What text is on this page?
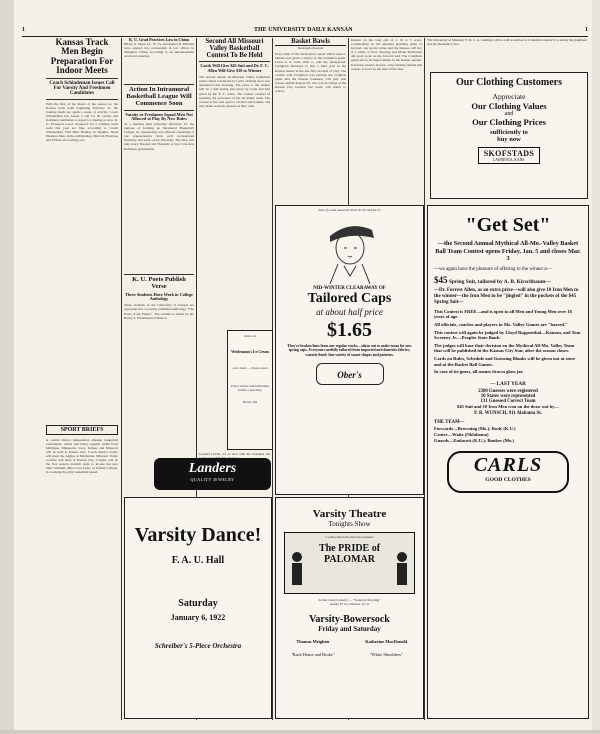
1	THE UNIVERSITY DAILY KANSAN	1
Kansas Track Men Begin Preparation For Indoor Meets
Coach Schlademan Issues Call For Varsity And Freshmen Candidates
With the first of the meets of the season for the Kansas track team beginning February 11, the training sheds are again a scene of activity. Coach Schlademan has issued a call for all varsity and freshmen candidates to report for training at once. K. U. Prospects Good. Prospects for a winning track team this year are fine, according to Coach Schlademan. Will Miss Bradley in Weights. Need Distance Men. In the 440 Rodkey, McCall, Firestone and Wilson are working out.
SPORT BRIEFS
A central district independent amateur basketball tournament, which will bring together teams from Michigan, Minnesota, Iowa, Kansas and Missouri will be held at Kansas City. Coach Allen's varsity will meet the Aggies at Manhattan. Missouri Valley coaches will meet at Kansas City. Colgate will be the first eastern football team to invade the new Ohio Stadium. Miss Cora Lynn, of Tonkin College, is coaching the girls' basketball squad.
K. U. Grad Practices Law in China
Hilary A. Mass, LL. B '15, and Robert R. Holland have entered into partnership in law offices in Shanghai, China, according to an announcement received yesterday.
Action In Intramural Basketball League Will Commence Soon
Varsity or Freshmen Squad Men Not Allowed to Play By New Rules
At a meeting held yesterday afternoon for the purpose of forming an Intramural Basketball League, an organization was effected consisting of one representative from each professional fraternity and each social fraternity. The men will play every Tuesday and Thursday at four o'clock in Robinson gymnasium.
K. U. Poets Publish Verse
Three Students Have Work in College Anthology
Three students of the University of Kansas are represented in a recently published anthology, "The Poets of the Future". The volume is edited by Dr. Henry T. Schnittkind of Boston.
Second All Missouri Valley Basketball Contest To Be Held
Cards Will Give $45 Suit and Dr. F. C. Allen Will Give $10 to Winner
The second annual all-Missouri Valley basketball team contest conducted by Carl's clothing store was announced this morning. The prize to the winner will be a $45 spring suit given by Carls and $10 given by Dr. F. C. Allen. The contest consists of guessing the personnel of the all-Valley team. The contest is free and open to all men and women, and may make as many guesses as they wish.
Insist on
Wiedemann's Ice Cream
once tried — always used
Fancy bricks and individual molds a specialty
Phone 182
Garland Liddle, 25, is now with the Standard Oil
Basket Bawls
DeAngelo Pearson
Every man of the hardwarrior squad which went to Omaha was given a chance in the Creighton game. Leave it to John Wulf to pull the unexpected. Creighton managed to slip a field goal in the Kansas basket in the last fifty seconds of play. The contest with Creighton was perhaps the roughest game that the Kansas basketers will play this season. Arthur Rogers '20, who was in charge of the Kansas City hospital last week, will return to school.
Kansas on the long end of a 19 to 5 score. Commenting on the splendid guarding game of Konrad, one sports writer said the Kansas cuff boy is a whale at floor. Boering and Mann McDonald did good work on the forward end. The Creighton game shows an improvement in the Kansas quintet. If Kansas doesn't develop a big winning quintet this season, it won't be the fault of the fans.
The University of Missouri Y. M. C. A. building will be sold at auction in Columbia January 9 to satisfy the judgment and the mechanics' lien.
Our Clothing Customers
Appreciate
Our Clothing Values
and
Our Clothing Prices
sufficiently to
buy now
SKOFSTADS
LAWRENCE, KANS.
Sale of collar attached shirts $1.95 and $2.25
NID-WINTER CLEARAWAY OF
Tailored Caps
at about half price
$1.65
They're broken lines from our regular stocks—taken out to make room for new spring caps. Everyone carefully tailored from imported and domestic fabrics; warmly lined; fine variety of smart shapes and patterns.
Ober's
Landers
QUALITY JEWELRY
Varsity Dance!
F. A. U. Hall
Saturday
January 6, 1922
Schreiber's 5-Piece Orchestra
Varsity Theatre
Tonights Show
Cosmopolitan Productions presents
The PRIDE of PALOMAR
In Our Gang Comedy — "Saturday Morning"
Adults 35 cts Children 10 cts
Varsity-Bowersock
Friday and Saturday
Thomas Meighan
"Back Home and Broke"
Katherine MacDonald
"White Shoulders"
"Get Set"
—the Second Annual Mythical All-Mo.-Valley Basket Ball Team Contest opens Friday, Jan. 5 and closes Mar. 3
—we again have the pleasure of offering to the winner a—
$45 Spring Suit, tailored by A. B. Kirschbaum—
—Dr. Forrest Allen, as an extra prize—will also give 10 Iron Men to the winner—the Iron Men to be "jingled" in the pockets of the $45 Spring Suit—
This Contest is FREE—and is open to all Men and Young Men over 16 years of age.
All officials, coaches and players in Mo. Valley Games are "barred."
This contest will again be judged by Lloyd Ruppenthal—Kansan, and Tom Sweeney Jr.—Peoples State Bank.
The judges will base their decision on the Mythical All-Mo. Valley Team that will be published in the Kansas City Star, after the season closes.
Cards on Rules, Schedule and Guessing Blanks will be given out at store and at the Basket Ball Games.
In case of tie guess, all names drawn glass jar.
— LAST YEAR
2300 Guesses were registered
10 States were represented
131 Guessed Correct Team
$45 Suit and 10 Iron Men won on the draw out by—
P. R. WUNSCH, 911 Alabama St.
THE TEAM—
Forwards—Browning (Mo.); Rody (K.U.)
Center—Waite (Oklahoma)
Guards—Endacott (K.U.); Bunker (Mo.)
CARLS
GOOD CLOTHES
